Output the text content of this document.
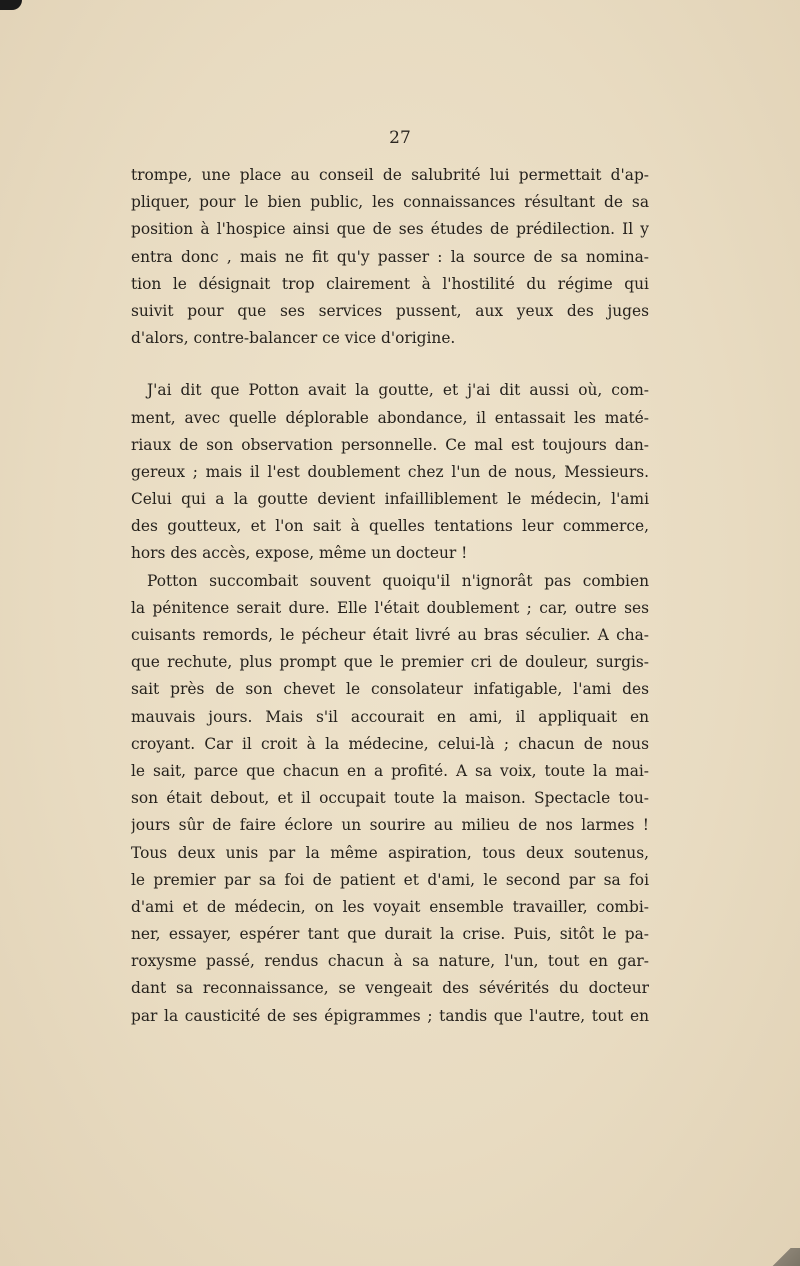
27
trompe, une place au conseil de salubrité lui permettait d'ap-
pliquer, pour le bien public, les connaissances résultant de sa
position à l'hospice ainsi que de ses études de prédilection. Il y
entra donc , mais ne fit qu'y passer : la source de sa nomina-
tion le désignait trop clairement à l'hostilité du régime qui
suivit pour que ses services pussent, aux yeux des juges
d'alors, contre-balancer ce vice d'origine.
J'ai dit que Potton avait la goutte, et j'ai dit aussi où, com-
ment, avec quelle déplorable abondance, il entassait les maté-
riaux de son observation personnelle. Ce mal est toujours dan-
gereux ; mais il l'est doublement chez l'un de nous, Messieurs.
Celui qui a la goutte devient infailliblement le médecin, l'ami
des goutteux, et l'on sait à quelles tentations leur commerce,
hors des accès, expose, même un docteur !
Potton succombait souvent quoiqu'il n'ignorât pas combien
la pénitence serait dure. Elle l'était doublement ; car, outre ses
cuisants remords, le pécheur était livré au bras séculier. A cha-
que rechute, plus prompt que le premier cri de douleur, surgis-
sait près de son chevet le consolateur infatigable, l'ami des
mauvais jours. Mais s'il accourait en ami, il appliquait en
croyant. Car il croit à la médecine, celui-là ; chacun de nous
le sait, parce que chacun en a profité. A sa voix, toute la mai-
son était debout, et il occupait toute la maison. Spectacle tou-
jours sûr de faire éclore un sourire au milieu de nos larmes !
Tous deux unis par la même aspiration, tous deux soutenus,
le premier par sa foi de patient et d'ami, le second par sa foi
d'ami et de médecin, on les voyait ensemble travailler, combi-
ner, essayer, espérer tant que durait la crise. Puis, sitôt le pa-
roxysme passé, rendus chacun à sa nature, l'un, tout en gar-
dant sa reconnaissance, se vengeait des sévérités du docteur
par la causticité de ses épigrammes ; tandis que l'autre, tout en
